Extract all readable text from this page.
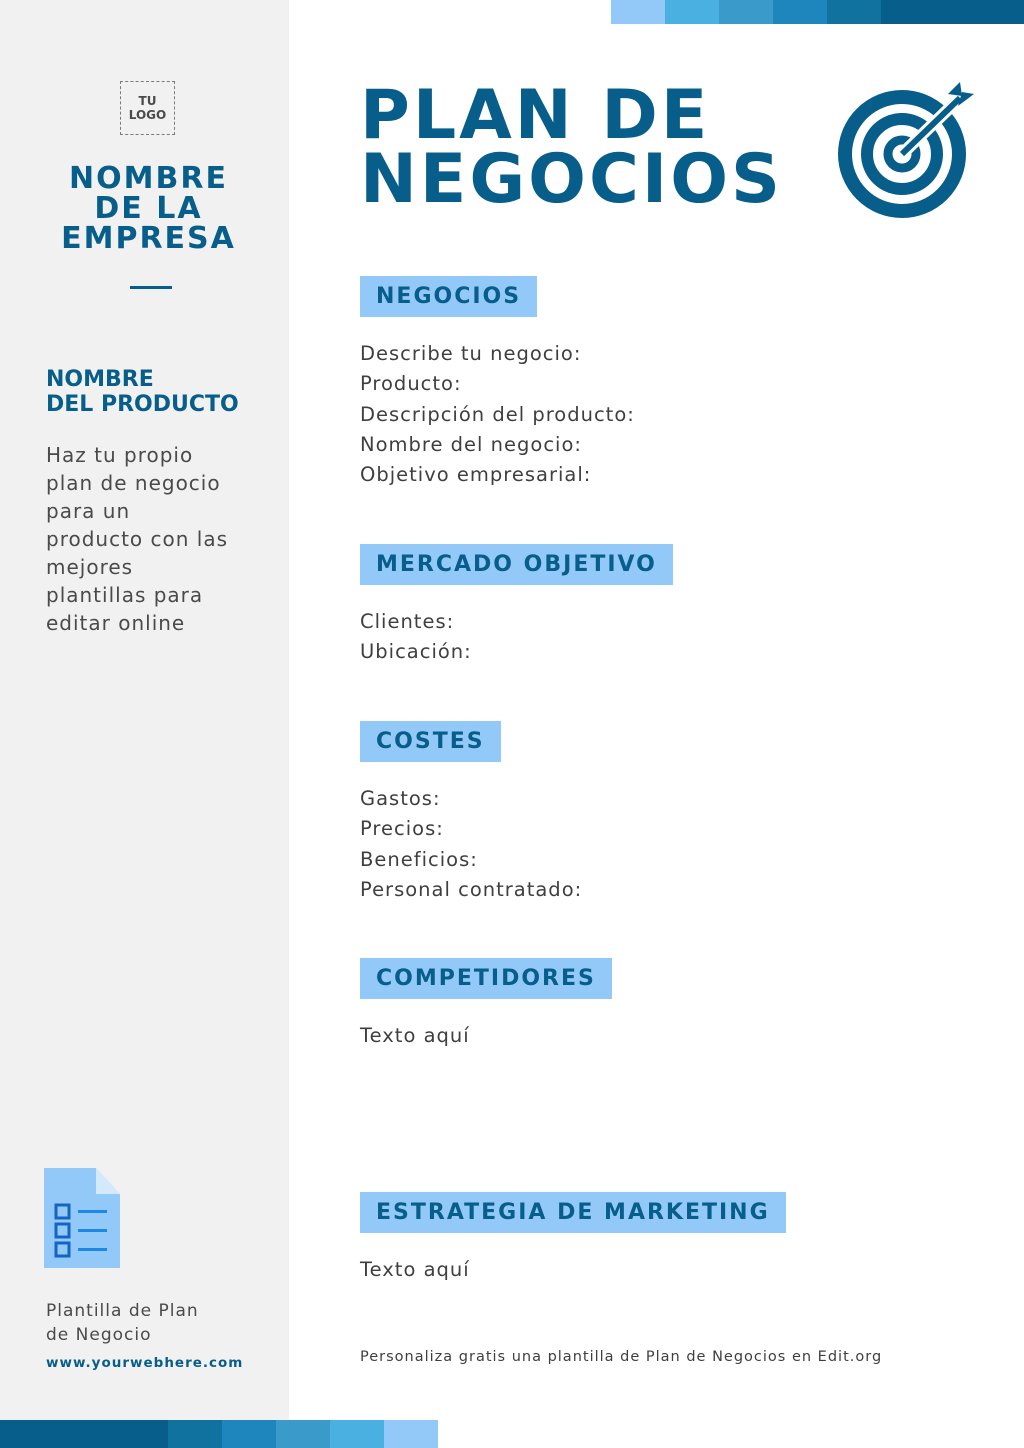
TU
LOGO
NOMBRE
DE LA
EMPRESA
NOMBRE
DEL PRODUCTO
Haz tu propio
plan de negocio
para un
producto con las
mejores
plantillas para
editar online
Plantilla de Plan
de Negocio
www.yourwebhere.com
PLAN DE
NEGOCIOS
NEGOCIOS
Describe tu negocio:
Producto:
Descripción del producto:
Nombre del negocio:
Objetivo empresarial:
MERCADO OBJETIVO
Clientes:
Ubicación:
COSTES
Gastos:
Precios:
Beneficios:
Personal contratado:
COMPETIDORES
Texto aquí
ESTRATEGIA DE MARKETING
Texto aquí
Personaliza gratis una plantilla de Plan de Negocios en Edit.org
